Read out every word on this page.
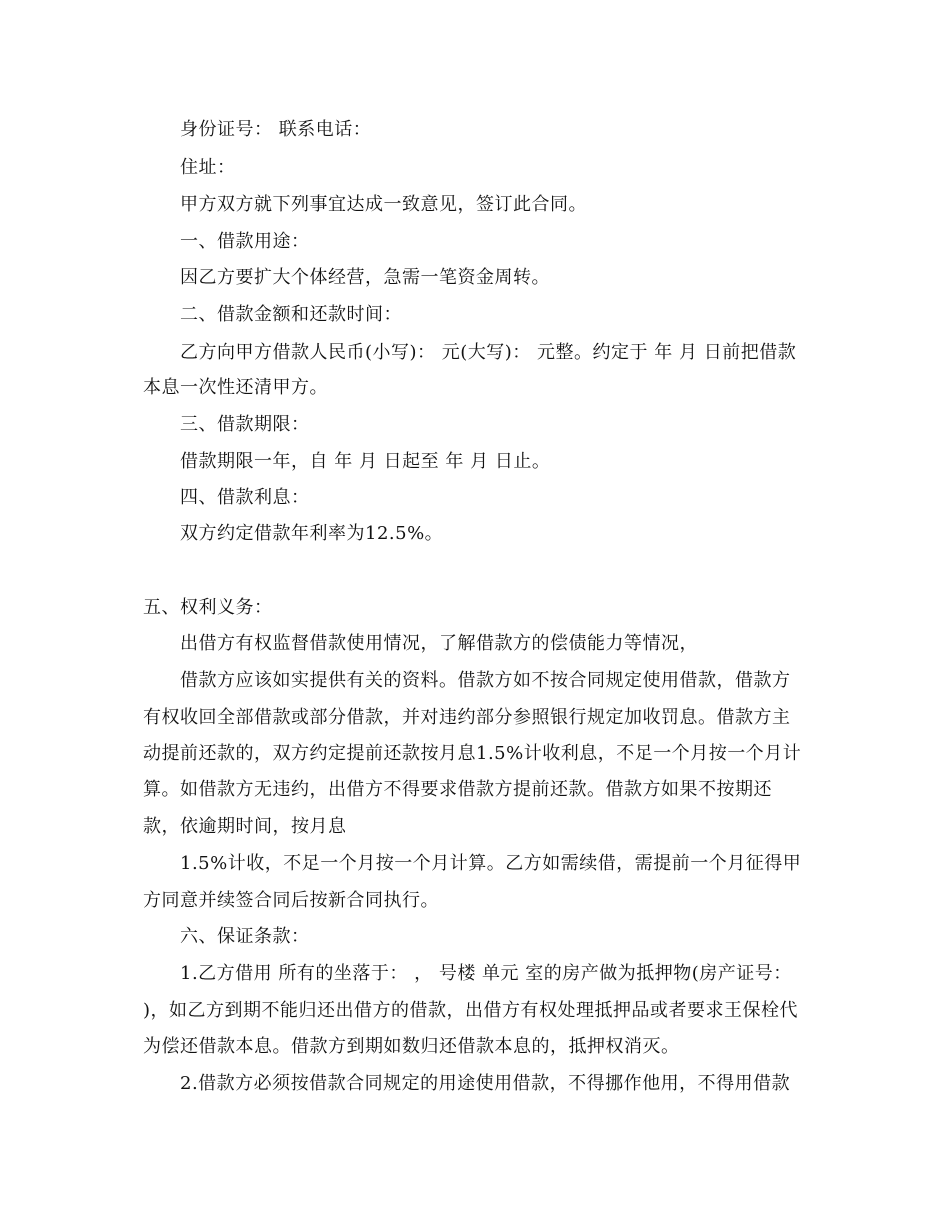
身份证号： 联系电话：
住址：
甲方双方就下列事宜达成一致意见，签订此合同。
一、借款用途：
因乙方要扩大个体经营，急需一笔资金周转。
二、借款金额和还款时间：
乙方向甲方借款人民币(小写)： 元(大写)： 元整。约定于 年 月 日前把借款
本息一次性还清甲方。
三、借款期限：
借款期限一年，自 年 月 日起至 年 月 日止。
四、借款利息：
双方约定借款年利率为12.5%。
五、权利义务：
出借方有权监督借款使用情况，了解借款方的偿债能力等情况，
借款方应该如实提供有关的资料。借款方如不按合同规定使用借款，借款方
有权收回全部借款或部分借款，并对违约部分参照银行规定加收罚息。借款方主
动提前还款的，双方约定提前还款按月息1.5%计收利息，不足一个月按一个月计
算。如借款方无违约，出借方不得要求借款方提前还款。借款方如果不按期还
款，依逾期时间，按月息
1.5%计收，不足一个月按一个月计算。乙方如需续借，需提前一个月征得甲
方同意并续签合同后按新合同执行。
六、保证条款：
1.乙方借用 所有的坐落于： ， 号楼 单元 室的房产做为抵押物(房产证号：
)，如乙方到期不能归还出借方的借款，出借方有权处理抵押品或者要求王保栓代
为偿还借款本息。借款方到期如数归还借款本息的，抵押权消灭。
2.借款方必须按借款合同规定的用途使用借款，不得挪作他用，不得用借款
